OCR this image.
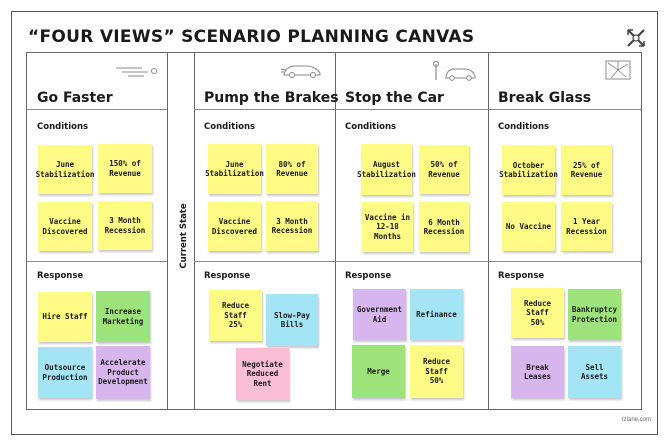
“FOUR VIEWS” SCENARIO PLANNING CANVAS
Current State
Go Faster
Conditions
June
Stabilization
150% of
Revenue
Vaccine
Discovered
3 Month
Recession
Response
Hire Staff
Increase
Marketing
Outsource
Production
Accelerate
Product
Development
Pump the Brakes
Conditions
June
Stabilization
80% of
Revenue
Vaccine
Discovered
3 Month
Recession
Response
Reduce Staff
25%
Slow-Pay
Bills
Negotiate
Reduced Rent
Stop the Car
Conditions
August
Stabilization
50% of
Revenue
Vaccine in
12-18 Months
6 Month
Recession
Response
Government
Aid
Refinance
Merge
Reduce Staff
50%
Break Glass
Conditions
October
Stabilization
25% of
Revenue
No Vaccine
1 Year
Recession
Response
Reduce Staff
50%
Bankruptcy
Protection
Break Leases
Sell Assets
tzlane.com
